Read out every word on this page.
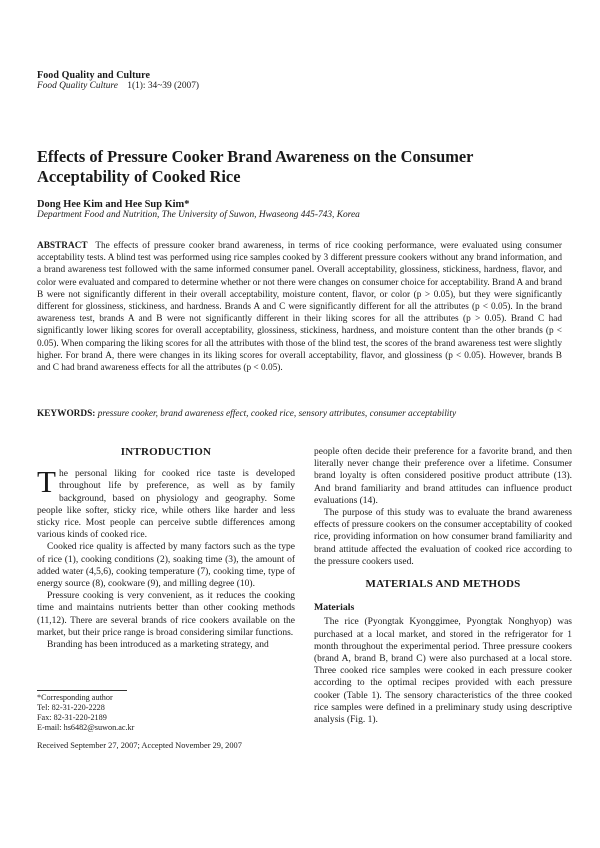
Food Quality and Culture
Food Quality Culture 1(1): 34~39 (2007)
Effects of Pressure Cooker Brand Awareness on the Consumer Acceptability of Cooked Rice
Dong Hee Kim and Hee Sup Kim*
Department Food and Nutrition, The University of Suwon, Hwaseong 445-743, Korea
ABSTRACT The effects of pressure cooker brand awareness, in terms of rice cooking performance, were evaluated using consumer acceptability tests. A blind test was performed using rice samples cooked by 3 different pressure cookers without any brand information, and a brand awareness test followed with the same informed consumer panel. Overall acceptability, glossiness, stickiness, hardness, flavor, and color were evaluated and compared to determine whether or not there were changes on consumer choice for acceptability. Brand A and brand B were not significantly different in their overall acceptability, moisture content, flavor, or color (p > 0.05), but they were significantly different for glossiness, stickiness, and hardness. Brands A and C were significantly different for all the attributes (p < 0.05). In the brand awareness test, brands A and B were not significantly different in their liking scores for all the attributes (p > 0.05). Brand C had significantly lower liking scores for overall acceptability, glossiness, stickiness, hardness, and moisture content than the other brands (p < 0.05). When comparing the liking scores for all the attributes with those of the blind test, the scores of the brand awareness test were slightly higher. For brand A, there were changes in its liking scores for overall acceptability, flavor, and glossiness (p < 0.05). However, brands B and C had brand awareness effects for all the attributes (p < 0.05).
KEYWORDS: pressure cooker, brand awareness effect, cooked rice, sensory attributes, consumer acceptability
INTRODUCTION

The personal liking for cooked rice taste is developed throughout life by preference, as well as by family background, based on physiology and geography. Some people like softer, sticky rice, while others like harder and less sticky rice. Most people can perceive subtle differences among various kinds of cooked rice.

Cooked rice quality is affected by many factors such as the type of rice (1), cooking conditions (2), soaking time (3), the amount of added water (4,5,6), cooking temperature (7), cooking time, type of energy source (8), cookware (9), and milling degree (10).

Pressure cooking is very convenient, as it reduces the cooking time and maintains nutrients better than other cooking methods (11,12). There are several brands of rice cookers available on the market, but their price range is broad considering similar functions.

Branding has been introduced as a marketing strategy, and

people often decide their preference for a favorite brand, and then literally never change their preference over a lifetime. Consumer brand loyalty is often considered positive product attribute (13). And brand familiarity and brand attitudes can influence product evaluations (14).

The purpose of this study was to evaluate the brand awareness effects of pressure cookers on the consumer acceptability of cooked rice, providing information on how consumer brand familiarity and brand attitude affected the evaluation of cooked rice according to the pressure cookers used.

MATERIALS AND METHODS
Materials

The rice (Pyongtak Kyonggimee, Pyongtak Nonghyop) was purchased at a local market, and stored in the refrigerator for 1 month throughout the experimental period. Three pressure cookers (brand A, brand B, brand C) were also purchased at a local store. Three cooked rice samples were cooked in each pressure cooker according to the optimal recipes provided with each pressure cooker (Table 1). The sensory characteristics of the three cooked rice samples were defined in a preliminary study using descriptive analysis (Fig. 1).

*Corresponding author
Tel: 82-31-220-2228
Fax: 82-31-220-2189
E-mail: hs6482@suwon.ac.kr
Received September 27, 2007; Accepted November 29, 2007
